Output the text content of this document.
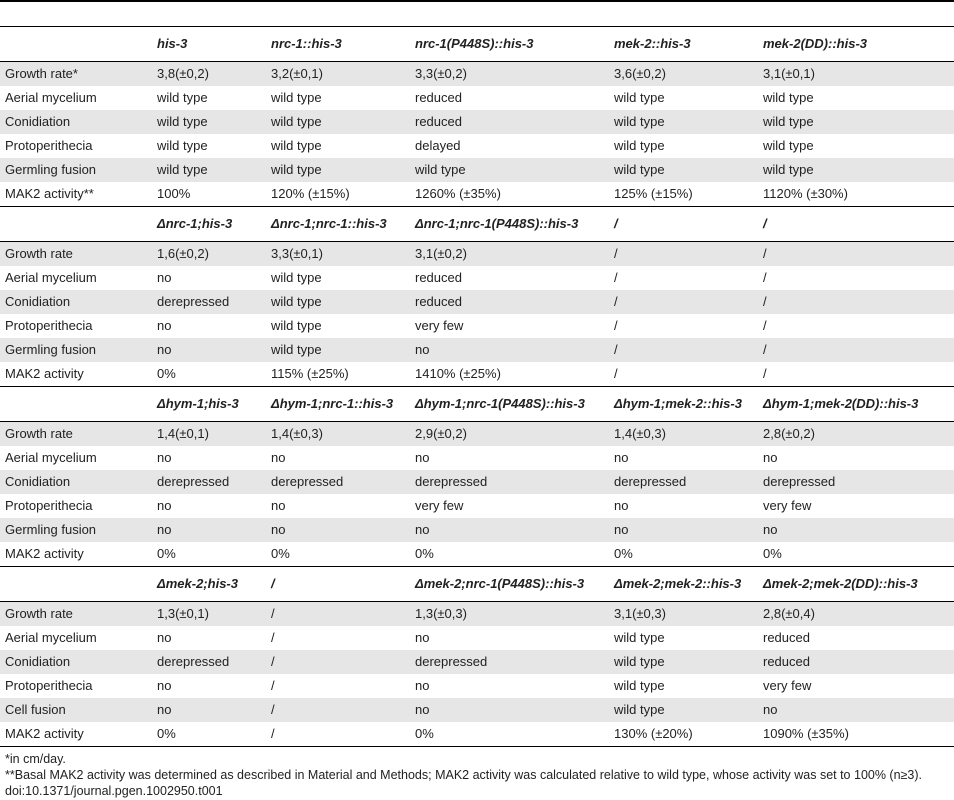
	his-3	nrc-1::his-3	nrc-1(P448S)::his-3	mek-2::his-3	mek-2(DD)::his-3
Growth rate*	3,8(±0,2)	3,2(±0,1)	3,3(±0,2)	3,6(±0,2)	3,1(±0,1)
Aerial mycelium	wild type	wild type	reduced	wild type	wild type
Conidiation	wild type	wild type	reduced	wild type	wild type
Protoperithecia	wild type	wild type	delayed	wild type	wild type
Germling fusion	wild type	wild type	wild type	wild type	wild type
MAK2 activity**	100%	120% (±15%)	1260% (±35%)	125% (±15%)	1120% (±30%)
	Δnrc-1;his-3	Δnrc-1;nrc-1::his-3	Δnrc-1;nrc-1(P448S)::his-3	/	/
Growth rate	1,6(±0,2)	3,3(±0,1)	3,1(±0,2)	/	/
Aerial mycelium	no	wild type	reduced	/	/
Conidiation	derepressed	wild type	reduced	/	/
Protoperithecia	no	wild type	very few	/	/
Germling fusion	no	wild type	no	/	/
MAK2 activity	0%	115% (±25%)	1410% (±25%)	/	/
	Δhym-1;his-3	Δhym-1;nrc-1::his-3	Δhym-1;nrc-1(P448S)::his-3	Δhym-1;mek-2::his-3	Δhym-1;mek-2(DD)::his-3
Growth rate	1,4(±0,1)	1,4(±0,3)	2,9(±0,2)	1,4(±0,3)	2,8(±0,2)
Aerial mycelium	no	no	no	no	no
Conidiation	derepressed	derepressed	derepressed	derepressed	derepressed
Protoperithecia	no	no	very few	no	very few
Germling fusion	no	no	no	no	no
MAK2 activity	0%	0%	0%	0%	0%
	Δmek-2;his-3	/	Δmek-2;nrc-1(P448S)::his-3	Δmek-2;mek-2::his-3	Δmek-2;mek-2(DD)::his-3
Growth rate	1,3(±0,1)	/	1,3(±0,3)	3,1(±0,3)	2,8(±0,4)
Aerial mycelium	no	/	no	wild type	reduced
Conidiation	derepressed	/	derepressed	wild type	reduced
Protoperithecia	no	/	no	wild type	very few
Cell fusion	no	/	no	wild type	no
MAK2 activity	0%	/	0%	130% (±20%)	1090% (±35%)
*in cm/day.
**Basal MAK2 activity was determined as described in Material and Methods; MAK2 activity was calculated relative to wild type, whose activity was set to 100% (n≥3).
doi:10.1371/journal.pgen.1002950.t001
